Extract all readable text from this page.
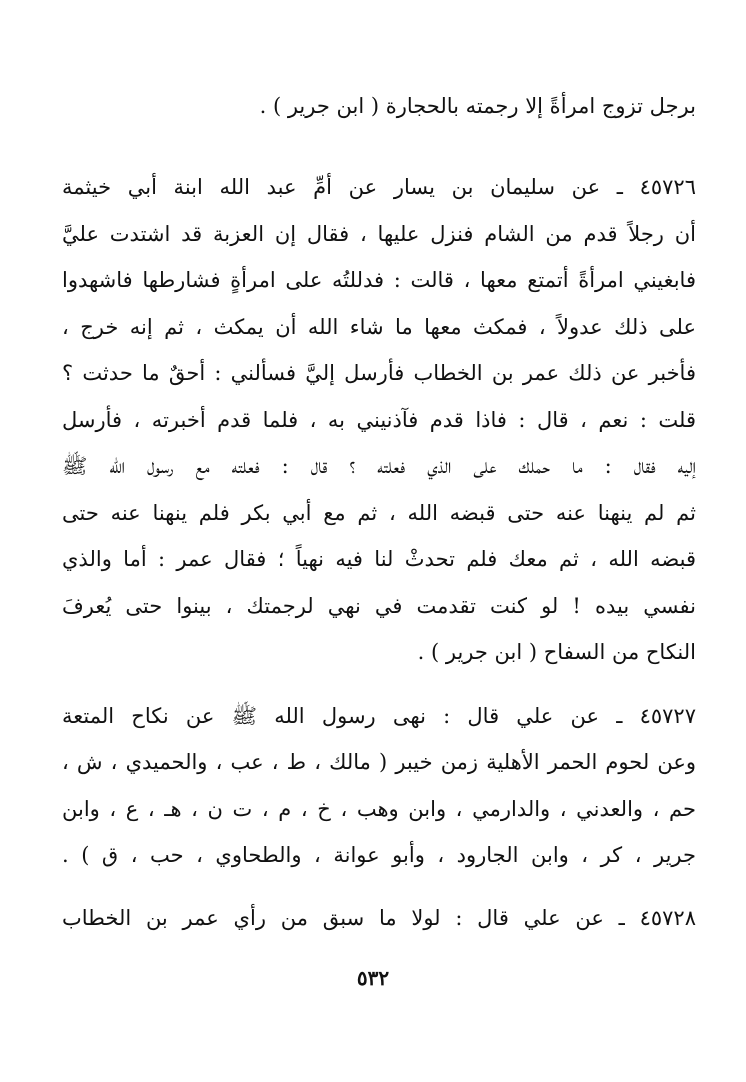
برجل تزوج امرأةً إلا رجمته بالحجارة ( ابن جرير ) .
٤٥٧٢٦ ـ عن سليمان بن يسار عن أمِّ عبد الله ابنة أبي خيثمة
أن رجلاً قدم من الشام فنزل عليها ، فقال إن العزبة قد اشتدت عليَّ
فابغيني امرأةً أتمتع معها ، قالت : فدللتُه على امرأةٍ فشارطها فاشهدوا
على ذلك عدولاً ، فمكث معها ما شاء الله أن يمكث ، ثم إنه خرج ،
فأخبر عن ذلك عمر بن الخطاب فأرسل إليَّ فسألني : أحقٌ ما حدثت ؟
قلت : نعم ، قال : فاذا قدم فآذنيني به ، فلما قدم أخبرته ، فأرسل
إليه فقال : ما حملك على الذي فعلته ؟ قال : فعلته مع رسول الله ﷺ
ثم لم ينهنا عنه حتى قبضه الله ، ثم مع أبي بكر فلم ينهنا عنه حتى
قبضه الله ، ثم معك فلم تحدثْ لنا فيه نهياً ؛ فقال عمر : أما والذي
نفسي بيده ! لو كنت تقدمت في نهي لرجمتك ، بينوا حتى يُعرفَ
النكاح من السفاح ( ابن جرير ) .
٤٥٧٢٧ ـ عن علي قال : نهى رسول الله ﷺ عن نكاح المتعة
وعن لحوم الحمر الأهلية زمن خيبر ( مالك ، ط ، عب ، والحميدي ، ش ،
حم ، والعدني ، والدارمي ، وابن وهب ، خ ، م ، ت ن ، هـ ، ع ، وابن
جرير ، كر ، وابن الجارود ، وأبو عوانة ، والطحاوي ، حب ، ق ) .
٤٥٧٢٨ ـ عن علي قال : لولا ما سبق من رأي عمر بن الخطاب
٥٣٢
